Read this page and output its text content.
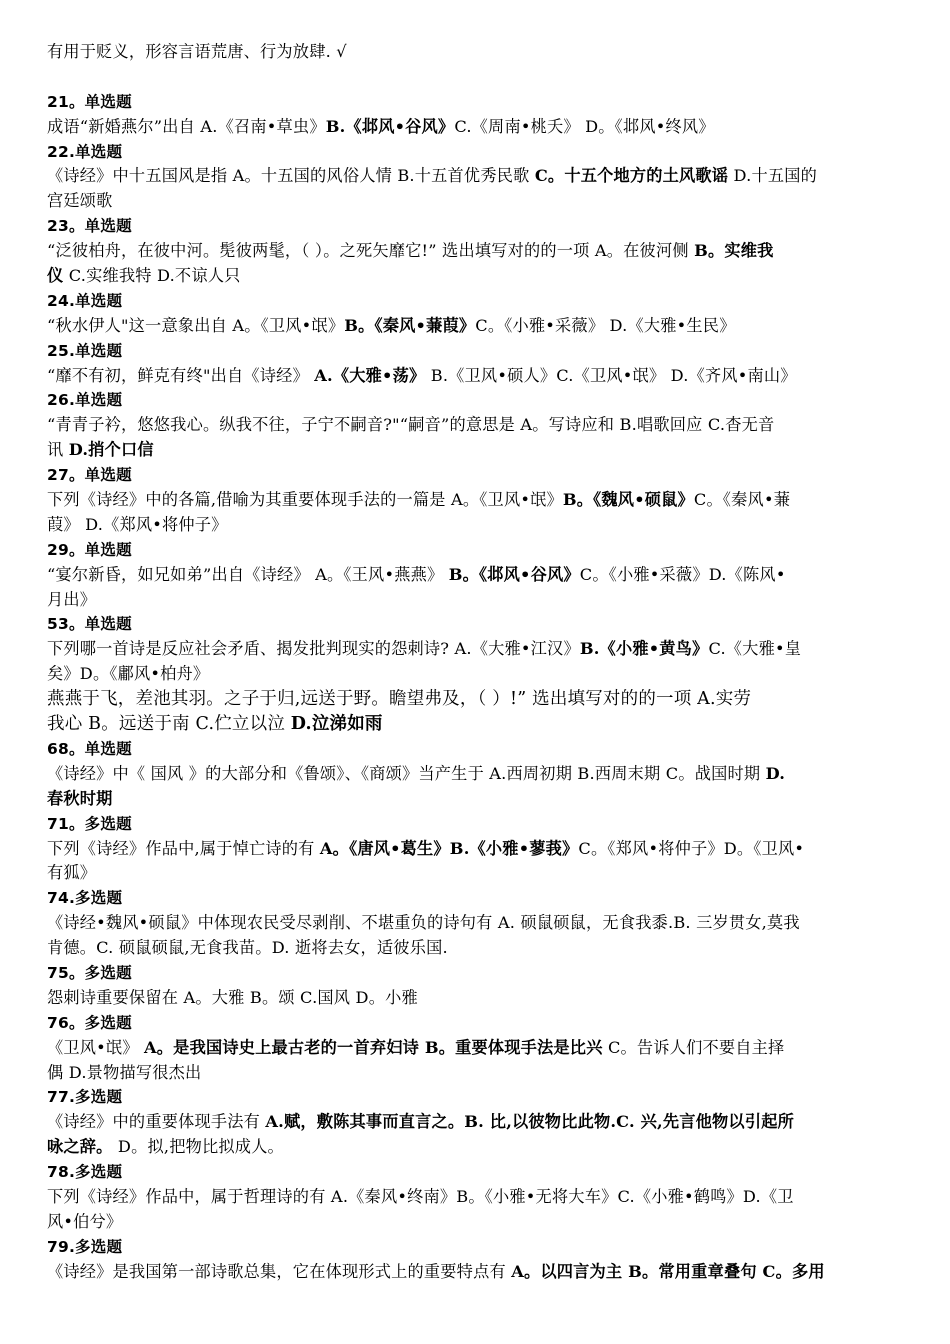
有用于贬义，形容言语荒唐、行为放肆. √
21。单选题
成语“新婚燕尔”出自 A.《召南•草虫》B.《邶风•谷风》C.《周南•桃夭》 D。《邶风•终风》
22.单选题
《诗经》中十五国风是指 A。十五国的风俗人情 B.十五首优秀民歌 C。十五个地方的土风歌谣 D.十五国的
宫廷颂歌
23。单选题
“泛彼柏舟，在彼中河。髧彼两髦，（ ）。之死矢靡它!” 选出填写对的的一项 A。在彼河侧 B。实维我
仪 C.实维我特 D.不谅人只
24.单选题
“秋水伊人"这一意象出自 A。《卫风•氓》B。《秦风•蒹葭》C。《小雅•采薇》 D.《大雅•生民》
25.单选题
“靡不有初，鲜克有终"出自《诗经》 A.《大雅•荡》 B.《卫风•硕人》C.《卫风•氓》 D.《齐风•南山》
26.单选题
“青青子衿，悠悠我心。纵我不往，子宁不嗣音?"“嗣音”的意思是 A。写诗应和 B.唱歌回应 C.杳无音
讯 D.捎个口信
27。单选题
下列《诗经》中的各篇,借喻为其重要体现手法的一篇是 A。《卫风•氓》B。《魏风•硕鼠》C。《秦风•蒹
葭》 D.《郑风•将仲子》
29。单选题
“宴尔新昏，如兄如弟”出自《诗经》 A。《王风•燕燕》 B。《邶风•谷风》C。《小雅•采薇》D.《陈风•
月出》
53。单选题
下列哪一首诗是反应社会矛盾、揭发批判现实的怨刺诗? A.《大雅•江汉》B.《小雅•黄鸟》C.《大雅•皇
矣》D。《鄘风•柏舟》
燕燕于飞，差池其羽。之子于归,远送于野。瞻望弗及，（ ）!” 选出填写对的的一项 A.实劳
我心 B。远送于南 C.伫立以泣 D.泣涕如雨
68。单选题
《诗经》中《 国风 》的大部分和《鲁颂》、《商颂》当产生于 A.西周初期 B.西周末期 C。战国时期 D.
春秋时期
71。多选题
下列《诗经》作品中,属于悼亡诗的有 A。《唐风•葛生》B.《小雅•蓼莪》C。《郑风•将仲子》D。《卫风•
有狐》
74.多选题
《诗经•魏风•硕鼠》中体现农民受尽剥削、不堪重负的诗句有 A. 硕鼠硕鼠，无食我黍.B. 三岁贯女,莫我
肯德。C. 硕鼠硕鼠,无食我苗。D. 逝将去女，适彼乐国.
75。多选题
怨刺诗重要保留在 A。大雅 B。颂 C.国风 D。小雅
76。多选题
《卫风•氓》 A。是我国诗史上最古老的一首弃妇诗 B。重要体现手法是比兴 C。告诉人们不要自主择
偶 D.景物描写很杰出
77.多选题
《诗经》中的重要体现手法有 A.赋，敷陈其事而直言之。B. 比,以彼物比此物.C. 兴,先言他物以引起所
咏之辞。 D。拟,把物比拟成人。
78.多选题
下列《诗经》作品中，属于哲理诗的有 A.《秦风•终南》B。《小雅•无将大车》C.《小雅•鹤鸣》D.《卫
风•伯兮》
79.多选题
《诗经》是我国第一部诗歌总集，它在体现形式上的重要特点有 A。以四言为主 B。常用重章叠句 C。多用
